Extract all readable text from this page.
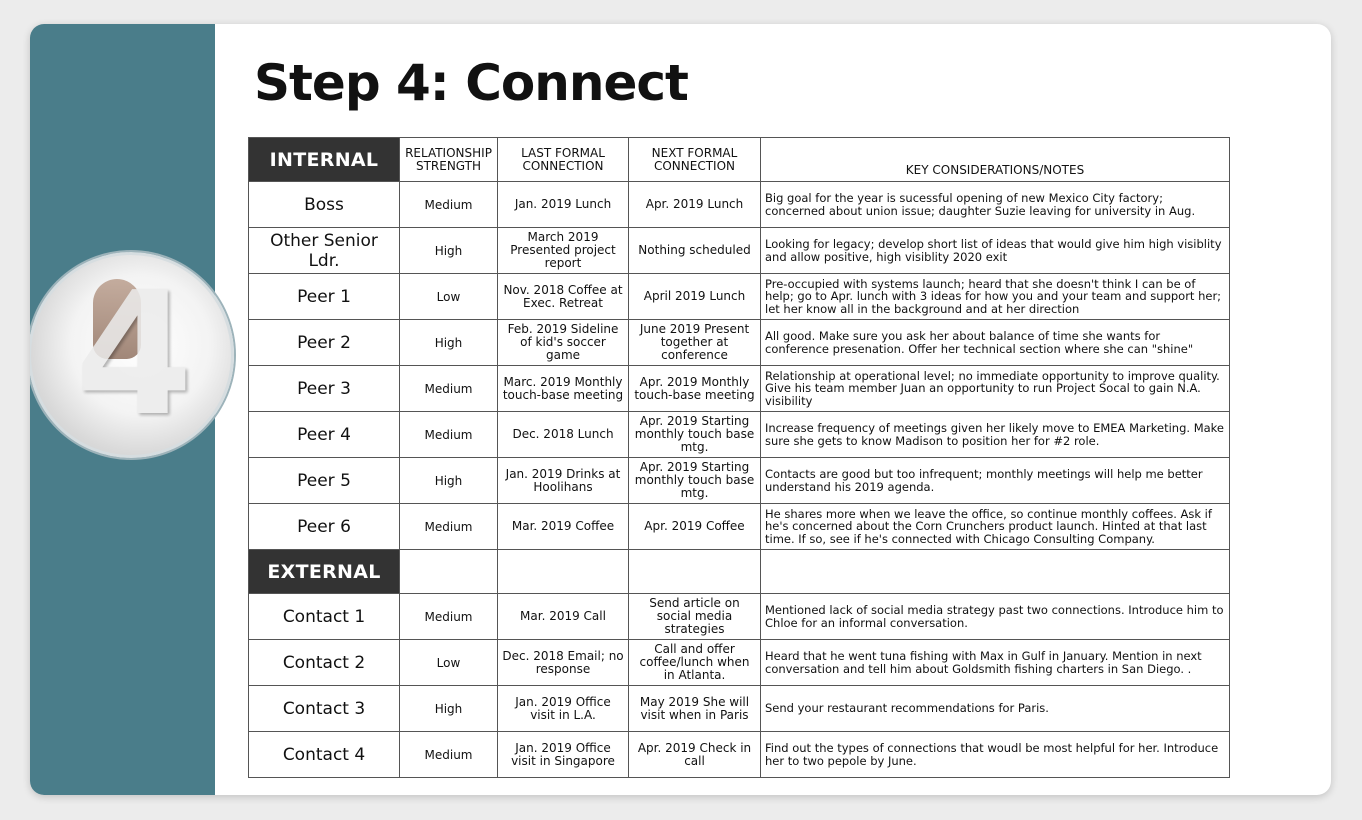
4
Step 4: Connect
INTERNAL	RELATIONSHIP STRENGTH	LAST FORMAL CONNECTION	NEXT FORMAL CONNECTION	KEY CONSIDERATIONS/NOTES
Boss	Medium	Jan. 2019 Lunch	Apr. 2019 Lunch	Big goal for the year is sucessful opening of new Mexico City factory; concerned about union issue; daughter Suzie leaving for university in Aug.
Other Senior Ldr.	High	March 2019 Presented project report	Nothing scheduled	Looking for legacy; develop short list of ideas that would give him high visiblity and allow positive, high visiblity 2020 exit
Peer 1	Low	Nov. 2018 Coffee at Exec. Retreat	April 2019 Lunch	Pre-occupied with systems launch; heard that she doesn't think I can be of help; go to Apr. lunch with 3 ideas for how you and your team and support her; let her know all in the background and at her direction
Peer 2	High	Feb. 2019 Sideline of kid's soccer game	June 2019 Present together at conference	All good. Make sure you ask her about balance of time she wants for conference presenation. Offer her technical section where she can "shine"
Peer 3	Medium	Marc. 2019 Monthly touch-base meeting	Apr. 2019 Monthly touch-base meeting	Relationship at operational level; no immediate opportunity to improve quality. Give his team member Juan an opportunity to run Project Socal to gain N.A. visibility
Peer 4	Medium	Dec. 2018 Lunch	Apr. 2019 Starting monthly touch base mtg.	Increase frequency of meetings given her likely move to EMEA Marketing. Make sure she gets to know Madison to position her for #2 role.
Peer 5	High	Jan. 2019 Drinks at Hoolihans	Apr. 2019 Starting monthly touch base mtg.	Contacts are good but too infrequent; monthly meetings will help me better understand his 2019 agenda.
Peer 6	Medium	Mar. 2019 Coffee	Apr. 2019 Coffee	He shares more when we leave the office, so continue monthly coffees. Ask if he's concerned about the Corn Crunchers product launch. Hinted at that last time. If so, see if he's connected with Chicago Consulting Company.
EXTERNAL				
Contact 1	Medium	Mar. 2019 Call	Send article on social media strategies	Mentioned lack of social media strategy past two connections. Introduce him to Chloe for an informal conversation.
Contact 2	Low	Dec. 2018 Email; no response	Call and offer coffee/lunch when in Atlanta.	Heard that he went tuna fishing with Max in Gulf in January. Mention in next conversation and tell him about Goldsmith fishing charters in San Diego. .
Contact 3	High	Jan. 2019 Office visit in L.A.	May 2019 She will visit when in Paris	Send your restaurant recommendations for Paris.
Contact 4	Medium	Jan. 2019 Office visit in Singapore	Apr. 2019 Check in call	Find out the types of connections that woudl be most helpful for her. Introduce her to two pepole by June.
